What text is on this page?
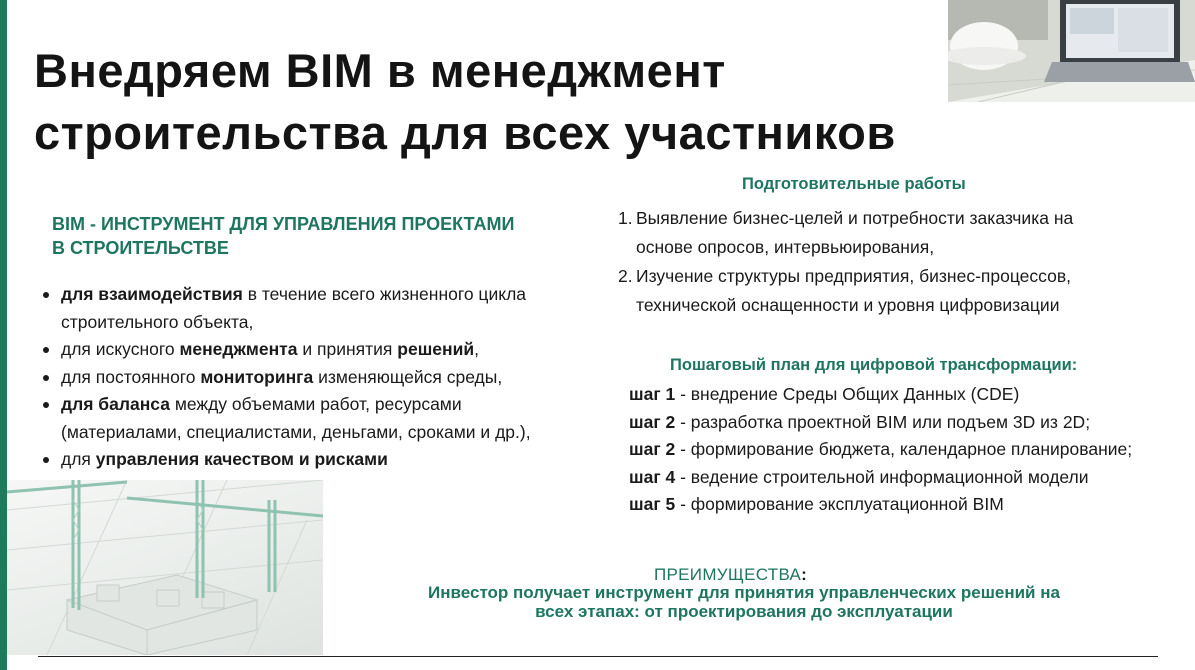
Внедряем BIM в менеджмент
строительства для всех участников
BIM - ИНСТРУМЕНТ ДЛЯ УПРАВЛЕНИЯ ПРОЕКТАМИ
В СТРОИТЕЛЬСТВЕ
для взаимодействия в течение всего жизненного цикла
строительного объекта,
для искусного менеджмента и принятия решений,
для постоянного мониторинга изменяющейся среды,
для баланса между объемами работ, ресурсами
(материалами, специалистами, деньгами, сроками и др.),
для управления качеством и рисками
Подготовительные работы
1. Выявление бизнес-целей и потребности заказчика на
основе опросов, интервьюирования,
2. Изучение структуры предприятия, бизнес-процессов,
технической оснащенности и уровня цифровизации
Пошаговый план для цифровой трансформации:
шаг 1 - внедрение Среды Общих Данных (CDE)
шаг 2 - разработка проектной BIM или подъем 3D из 2D;
шаг 2 - формирование бюджета, календарное планирование;
шаг 4 - ведение строительной информационной модели
шаг 5 - формирование эксплуатационной BIM
ПРЕИМУЩЕСТВА:
Инвестор получает инструмент для принятия управленческих решений на
всех этапах: от проектирования до эксплуатации
